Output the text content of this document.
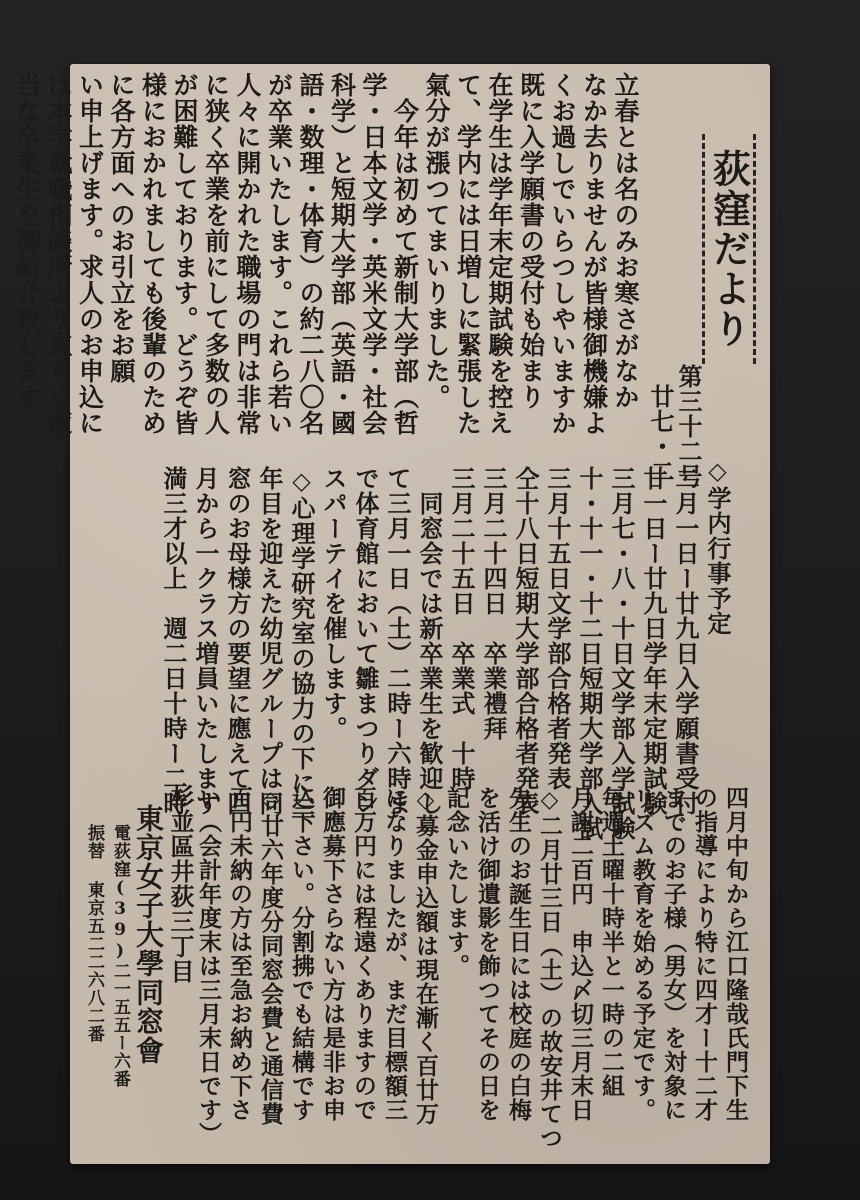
荻窪だより
第三十二号
廿七・二
◇学内行事予定
二月一日ー廿九日入学願書受付
廿一日ー廿九日学年末定期試験
三月七・八・十日文学部入学試験
十・十一・十二日短期大学部入試
三月十五日文学部合格者発表
仝十八日短期大学部合格者発表
三月二十四日　卒業禮拜
三月二十五日　卒業式　十時
　同窓会では新卒業生を歓迎し
て三月一日（土）二時ー六時ま
で体育館において雛まつりダン
スパーテイを催します。
◇心理学研究室の協力の下に三
年目を迎えた幼児グループは同
窓のお母様方の要望に應えて四
月から一クラス増員いたします
満三才以上　週二日十時ー二時
四月中旬から江口隆哉氏門下生
の指導により特に四才ー十二才
までのお子様（男女）を対象に
リズム教育を始める予定です。
毎週土曜十時半と一時の二組
月謝二百円　申込〆切三月末日
◇二月廿三日（土）の故安井てつ
先生のお誕生日には校庭の白梅
を活け御遺影を飾つてその日を
記念いたします。
◇募金申込額は現在漸く百廿万
になりましたが、まだ目標額三
百万円には程遠くありますので
御應募下さらない方は是非お申
込下さい。分割拂でも結構です
◇廿六年度分同窓会費と通信費
百円未納の方は至急お納め下さ
い（会計年度末は三月末日です）
杉並區井荻三丁目
東京女子大學同窓會
電荻窪(39)二一五五ー六番
振替 東京五二二六八二番
立春とは名のみお寒さがなか
なか去りませんが皆様御機嫌よ
くお過しでいらつしやいますか
既に入学願書の受付も始まり
在学生は学年末定期試験を控え
て、学内には日増しに緊張した
氣分が漲つてまいりました。
今年は初めて新制大学部（哲
学・日本文学・英米文学・社会
科学）と短期大学部（英語・國
語・数理・体育）の約二八〇名
が卒業いたします。これら若い
人々に開かれた職場の門は非常
に狭く卒業を前にして多数の人
が困難しております。どうぞ皆
様におかれましても後輩のため
に各方面へのお引立をお願
い申上げます。求人のお申込に
は本学就職相談所より直ちに適
当な卒業生を御紹介致します。
